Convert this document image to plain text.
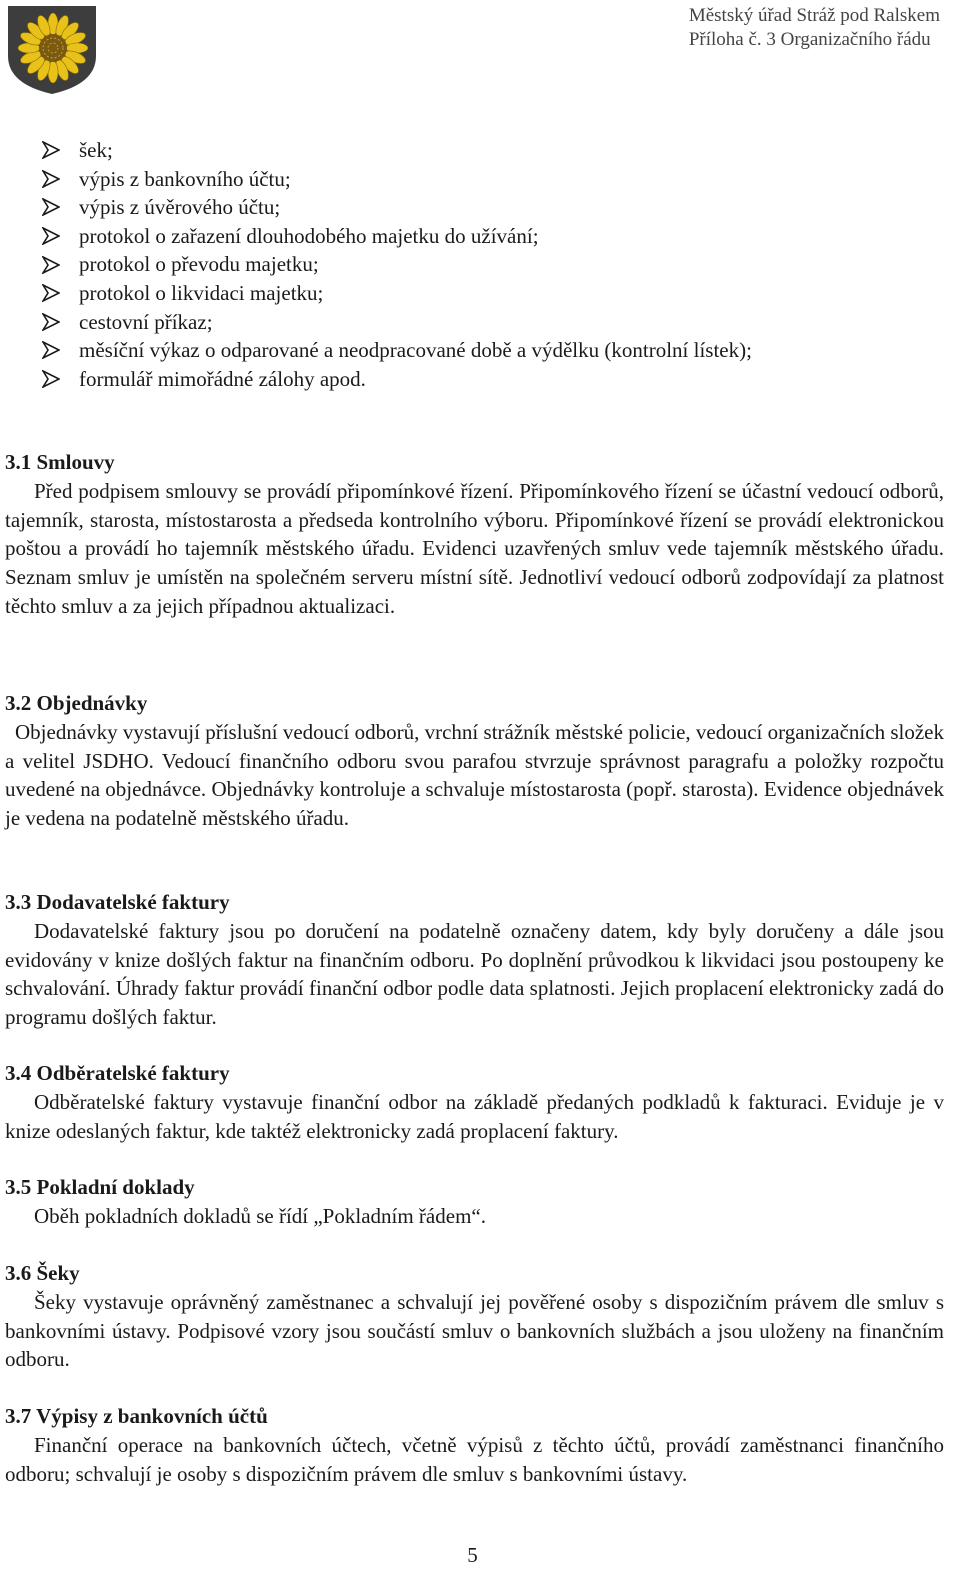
Městský úřad Stráž pod Ralskem
Příloha č. 3 Organizačního řádu
šek;
výpis z bankovního účtu;
výpis z úvěrového účtu;
protokol o zařazení dlouhodobého majetku do užívání;
protokol o převodu majetku;
protokol o likvidaci majetku;
cestovní příkaz;
měsíční výkaz o odparované a neodpracované době a výdělku (kontrolní lístek);
formulář mimořádné zálohy apod.

3.1 Smlouvy

Před podpisem smlouvy se provádí připomínkové řízení. Připomínkového řízení se účastní vedoucí odborů, tajemník, starosta, místostarosta a předseda kontrolního výboru. Připomínkové řízení se provádí elektronickou poštou a provádí ho tajemník městského úřadu. Evidenci uzavřených smluv vede tajemník městského úřadu. Seznam smluv je umístěn na společném serveru místní sítě. Jednotliví vedoucí odborů zodpovídají za platnost těchto smluv a za jejich případnou aktualizaci.

3.2 Objednávky

Objednávky vystavují příslušní vedoucí odborů, vrchní strážník městské policie, vedoucí organizačních složek a velitel JSDHO. Vedoucí finančního odboru svou parafou stvrzuje správnost paragrafu a položky rozpočtu uvedené na objednávce. Objednávky kontroluje a schvaluje místostarosta (popř. starosta). Evidence objednávek je vedena na podatelně městského úřadu.

3.3 Dodavatelské faktury

Dodavatelské faktury jsou po doručení na podatelně označeny datem, kdy byly doručeny a dále jsou evidovány v knize došlých faktur na finančním odboru. Po doplnění průvodkou k likvidaci jsou postoupeny ke schvalování. Úhrady faktur provádí finanční odbor podle data splatnosti. Jejich proplacení elektronicky zadá do programu došlých faktur.

3.4 Odběratelské faktury

Odběratelské faktury vystavuje finanční odbor na základě předaných podkladů k fakturaci. Eviduje je v knize odeslaných faktur, kde taktéž elektronicky zadá proplacení faktury.

3.5 Pokladní doklady

Oběh pokladních dokladů se řídí „Pokladním řádem“.

3.6 Šeky

Šeky vystavuje oprávněný zaměstnanec a schvalují jej pověřené osoby s dispozičním právem dle smluv s bankovními ústavy. Podpisové vzory jsou součástí smluv o bankovních službách a jsou uloženy na finančním odboru.

3.7 Výpisy z bankovních účtů

Finanční operace na bankovních účtech, včetně výpisů z těchto účtů, provádí zaměstnanci finančního odboru; schvalují je osoby s dispozičním právem dle smluv s bankovními ústavy.

5
